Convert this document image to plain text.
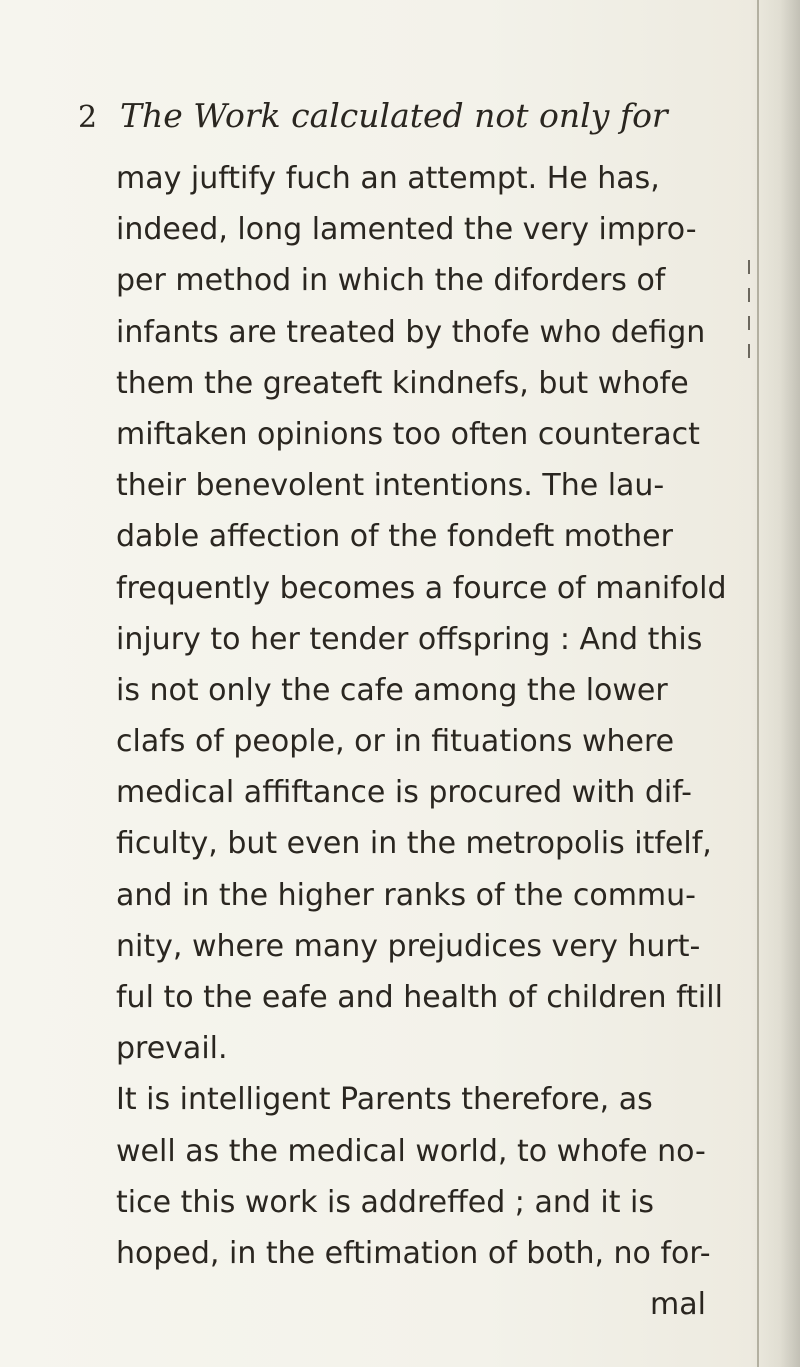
2 The Work calculated not only for
may juftify fuch an attempt. He has,
indeed, long lamented the very impro-
per method in which the diforders of
infants are treated by thofe who defign
them the greateft kindnefs, but whofe
miftaken opinions too often counteract
their benevolent intentions. The lau-
dable affection of the fondeft mother
frequently becomes a fource of manifold
injury to her tender offspring : And this
is not only the cafe among the lower
clafs of people, or in fituations where
medical affiftance is procured with dif-
ficulty, but even in the metropolis itfelf,
and in the higher ranks of the commu-
nity, where many prejudices very hurt-
ful to the eafe and health of children ftill
prevail.
It is intelligent Parents therefore, as
well as the medical world, to whofe no-
tice this work is addreffed ; and it is
hoped, in the eftimation of both, no for-
mal
